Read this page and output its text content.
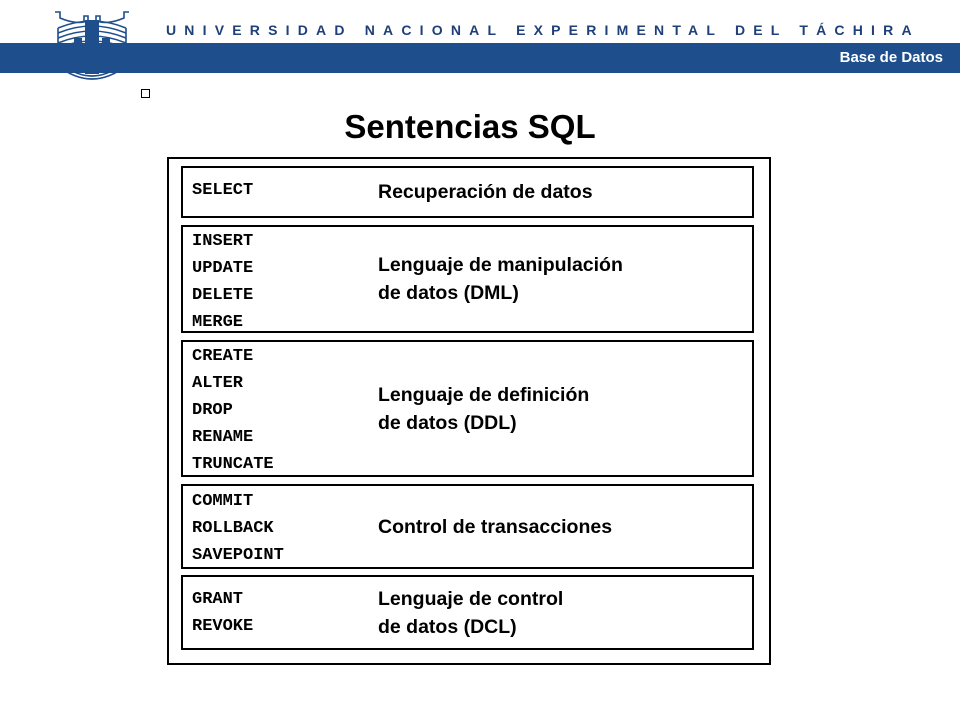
UNIVERSIDAD NACIONAL EXPERIMENTAL DEL TÁCHIRA
Base de Datos
Sentencias SQL
SELECT	Recuperación de datos
INSERT
UPDATE
DELETE
MERGE
Lenguaje de manipulación
de datos (DML)
CREATE
ALTER
DROP
RENAME
TRUNCATE
Lenguaje de definición
de datos (DDL)
COMMIT
ROLLBACK
SAVEPOINT
Control de transacciones
GRANT
REVOKE
Lenguaje de control
de datos (DCL)
